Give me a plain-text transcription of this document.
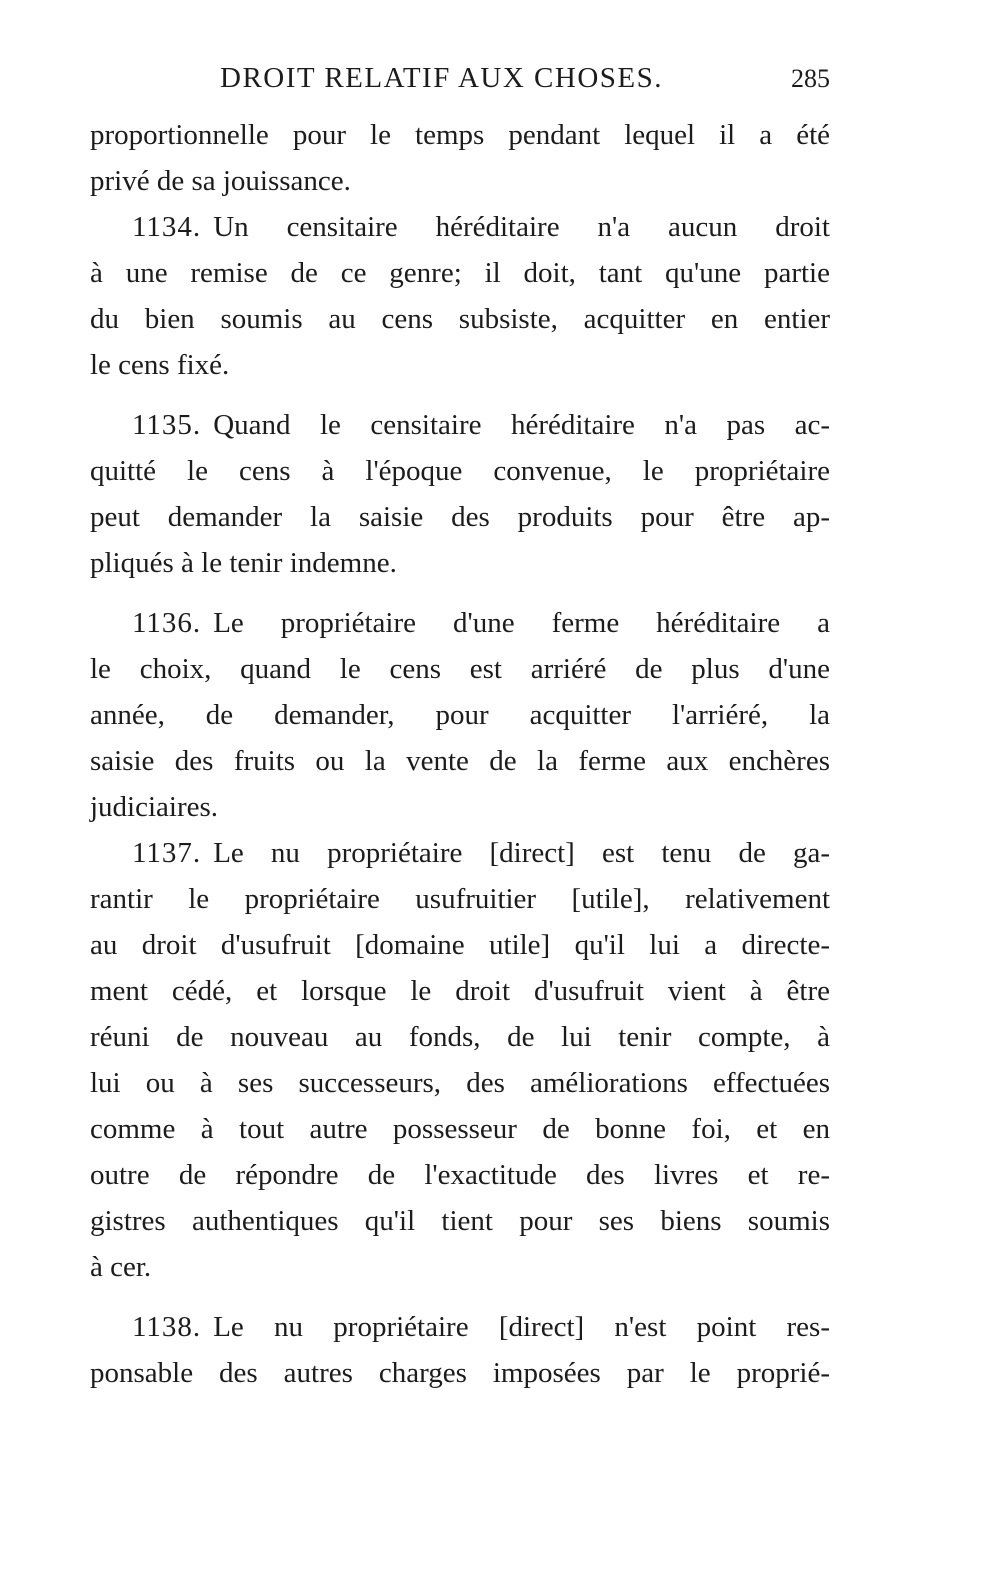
DROIT RELATIF AUX CHOSES.	285
proportionnelle pour le temps pendant lequel il a été
privé de sa jouissance.
1134. Un censitaire héréditaire n'a aucun droit
à une remise de ce genre; il doit, tant qu'une partie
du bien soumis au cens subsiste, acquitter en entier
le cens fixé.
1135. Quand le censitaire héréditaire n'a pas ac-
quitté le cens à l'époque convenue, le propriétaire
peut demander la saisie des produits pour être ap-
pliqués à le tenir indemne.
1136. Le propriétaire d'une ferme héréditaire a
le choix, quand le cens est arriéré de plus d'une
année, de demander, pour acquitter l'arriéré, la
saisie des fruits ou la vente de la ferme aux enchères
judiciaires.
1137. Le nu propriétaire [direct] est tenu de ga-
rantir le propriétaire usufruitier [utile], relativement
au droit d'usufruit [domaine utile] qu'il lui a directe-
ment cédé, et lorsque le droit d'usufruit vient à être
réuni de nouveau au fonds, de lui tenir compte, à
lui ou à ses successeurs, des améliorations effectuées
comme à tout autre possesseur de bonne foi, et en
outre de répondre de l'exactitude des livres et re-
gistres authentiques qu'il tient pour ses biens soumis
à cer.
1138. Le nu propriétaire [direct] n'est point res-
ponsable des autres charges imposées par le proprié-
